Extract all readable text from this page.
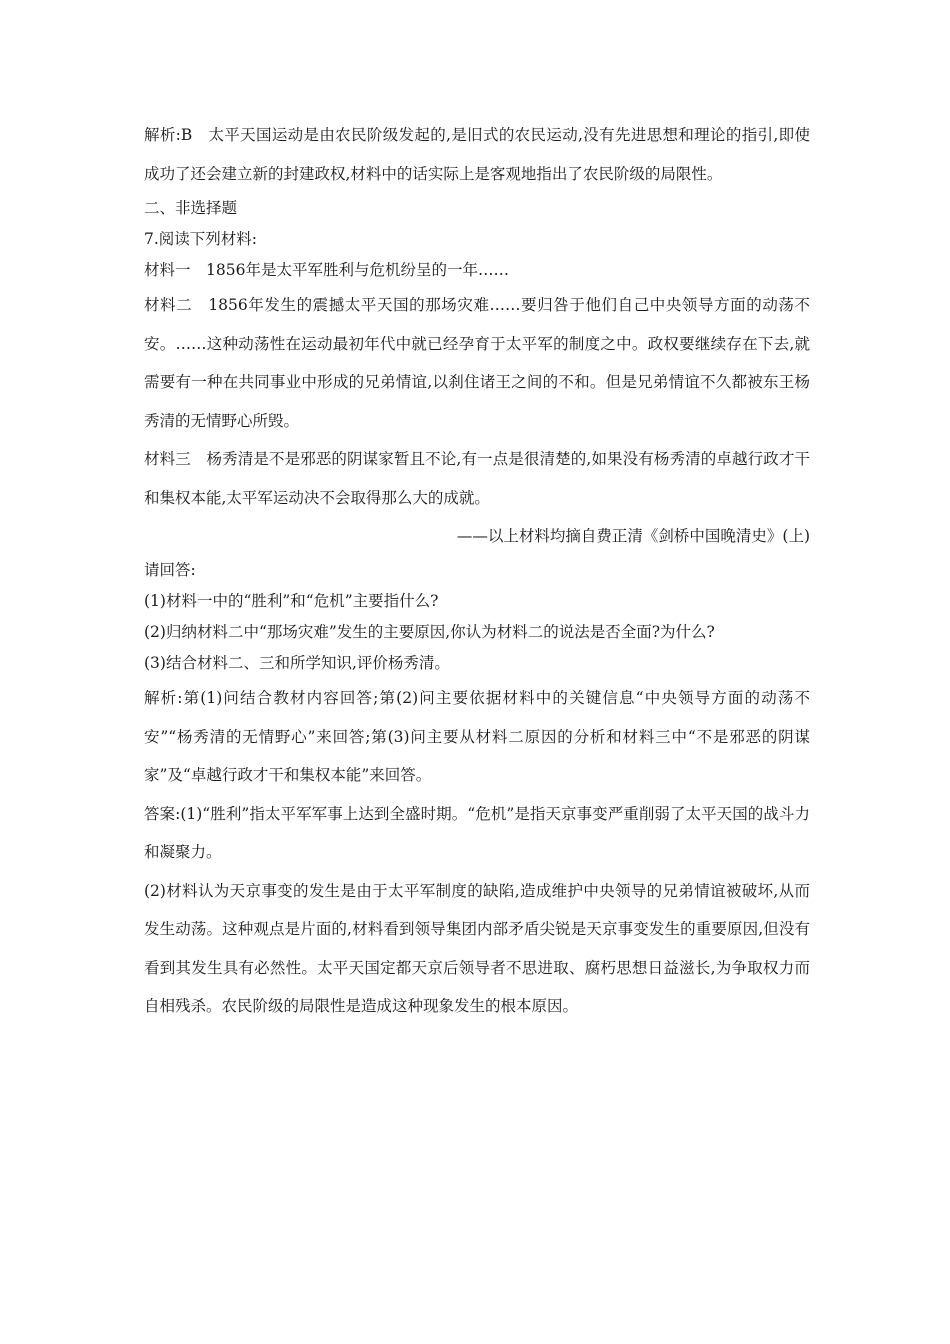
解析:B　太平天国运动是由农民阶级发起的,是旧式的农民运动,没有先进思想和理论的指引,即使成功了还会建立新的封建政权,材料中的话实际上是客观地指出了农民阶级的局限性。

二、非选择题

7.阅读下列材料:

材料一　1856年是太平军胜利与危机纷呈的一年……

材料二　1856年发生的震撼太平天国的那场灾难……要归咎于他们自己中央领导方面的动荡不安。……这种动荡性在运动最初年代中就已经孕育于太平军的制度之中。政权要继续存在下去,就需要有一种在共同事业中形成的兄弟情谊,以刹住诸王之间的不和。但是兄弟情谊不久都被东王杨秀清的无情野心所毁。

材料三　杨秀清是不是邪恶的阴谋家暂且不论,有一点是很清楚的,如果没有杨秀清的卓越行政才干和集权本能,太平军运动决不会取得那么大的成就。

——以上材料均摘自费正清《剑桥中国晚清史》(上)

请回答:

(1)材料一中的“胜利”和“危机”主要指什么?

(2)归纳材料二中“那场灾难”发生的主要原因,你认为材料二的说法是否全面?为什么?

(3)结合材料二、三和所学知识,评价杨秀清。

解析:第(1)问结合教材内容回答;第(2)问主要依据材料中的关键信息“中央领导方面的动荡不安”“杨秀清的无情野心”来回答;第(3)问主要从材料二原因的分析和材料三中“不是邪恶的阴谋家”及“卓越行政才干和集权本能”来回答。

答案:(1)“胜利”指太平军军事上达到全盛时期。“危机”是指天京事变严重削弱了太平天国的战斗力和凝聚力。

(2)材料认为天京事变的发生是由于太平军制度的缺陷,造成维护中央领导的兄弟情谊被破坏,从而发生动荡。这种观点是片面的,材料看到领导集团内部矛盾尖锐是天京事变发生的重要原因,但没有看到其发生具有必然性。太平天国定都天京后领导者不思进取、腐朽思想日益滋长,为争取权力而自相残杀。农民阶级的局限性是造成这种现象发生的根本原因。
